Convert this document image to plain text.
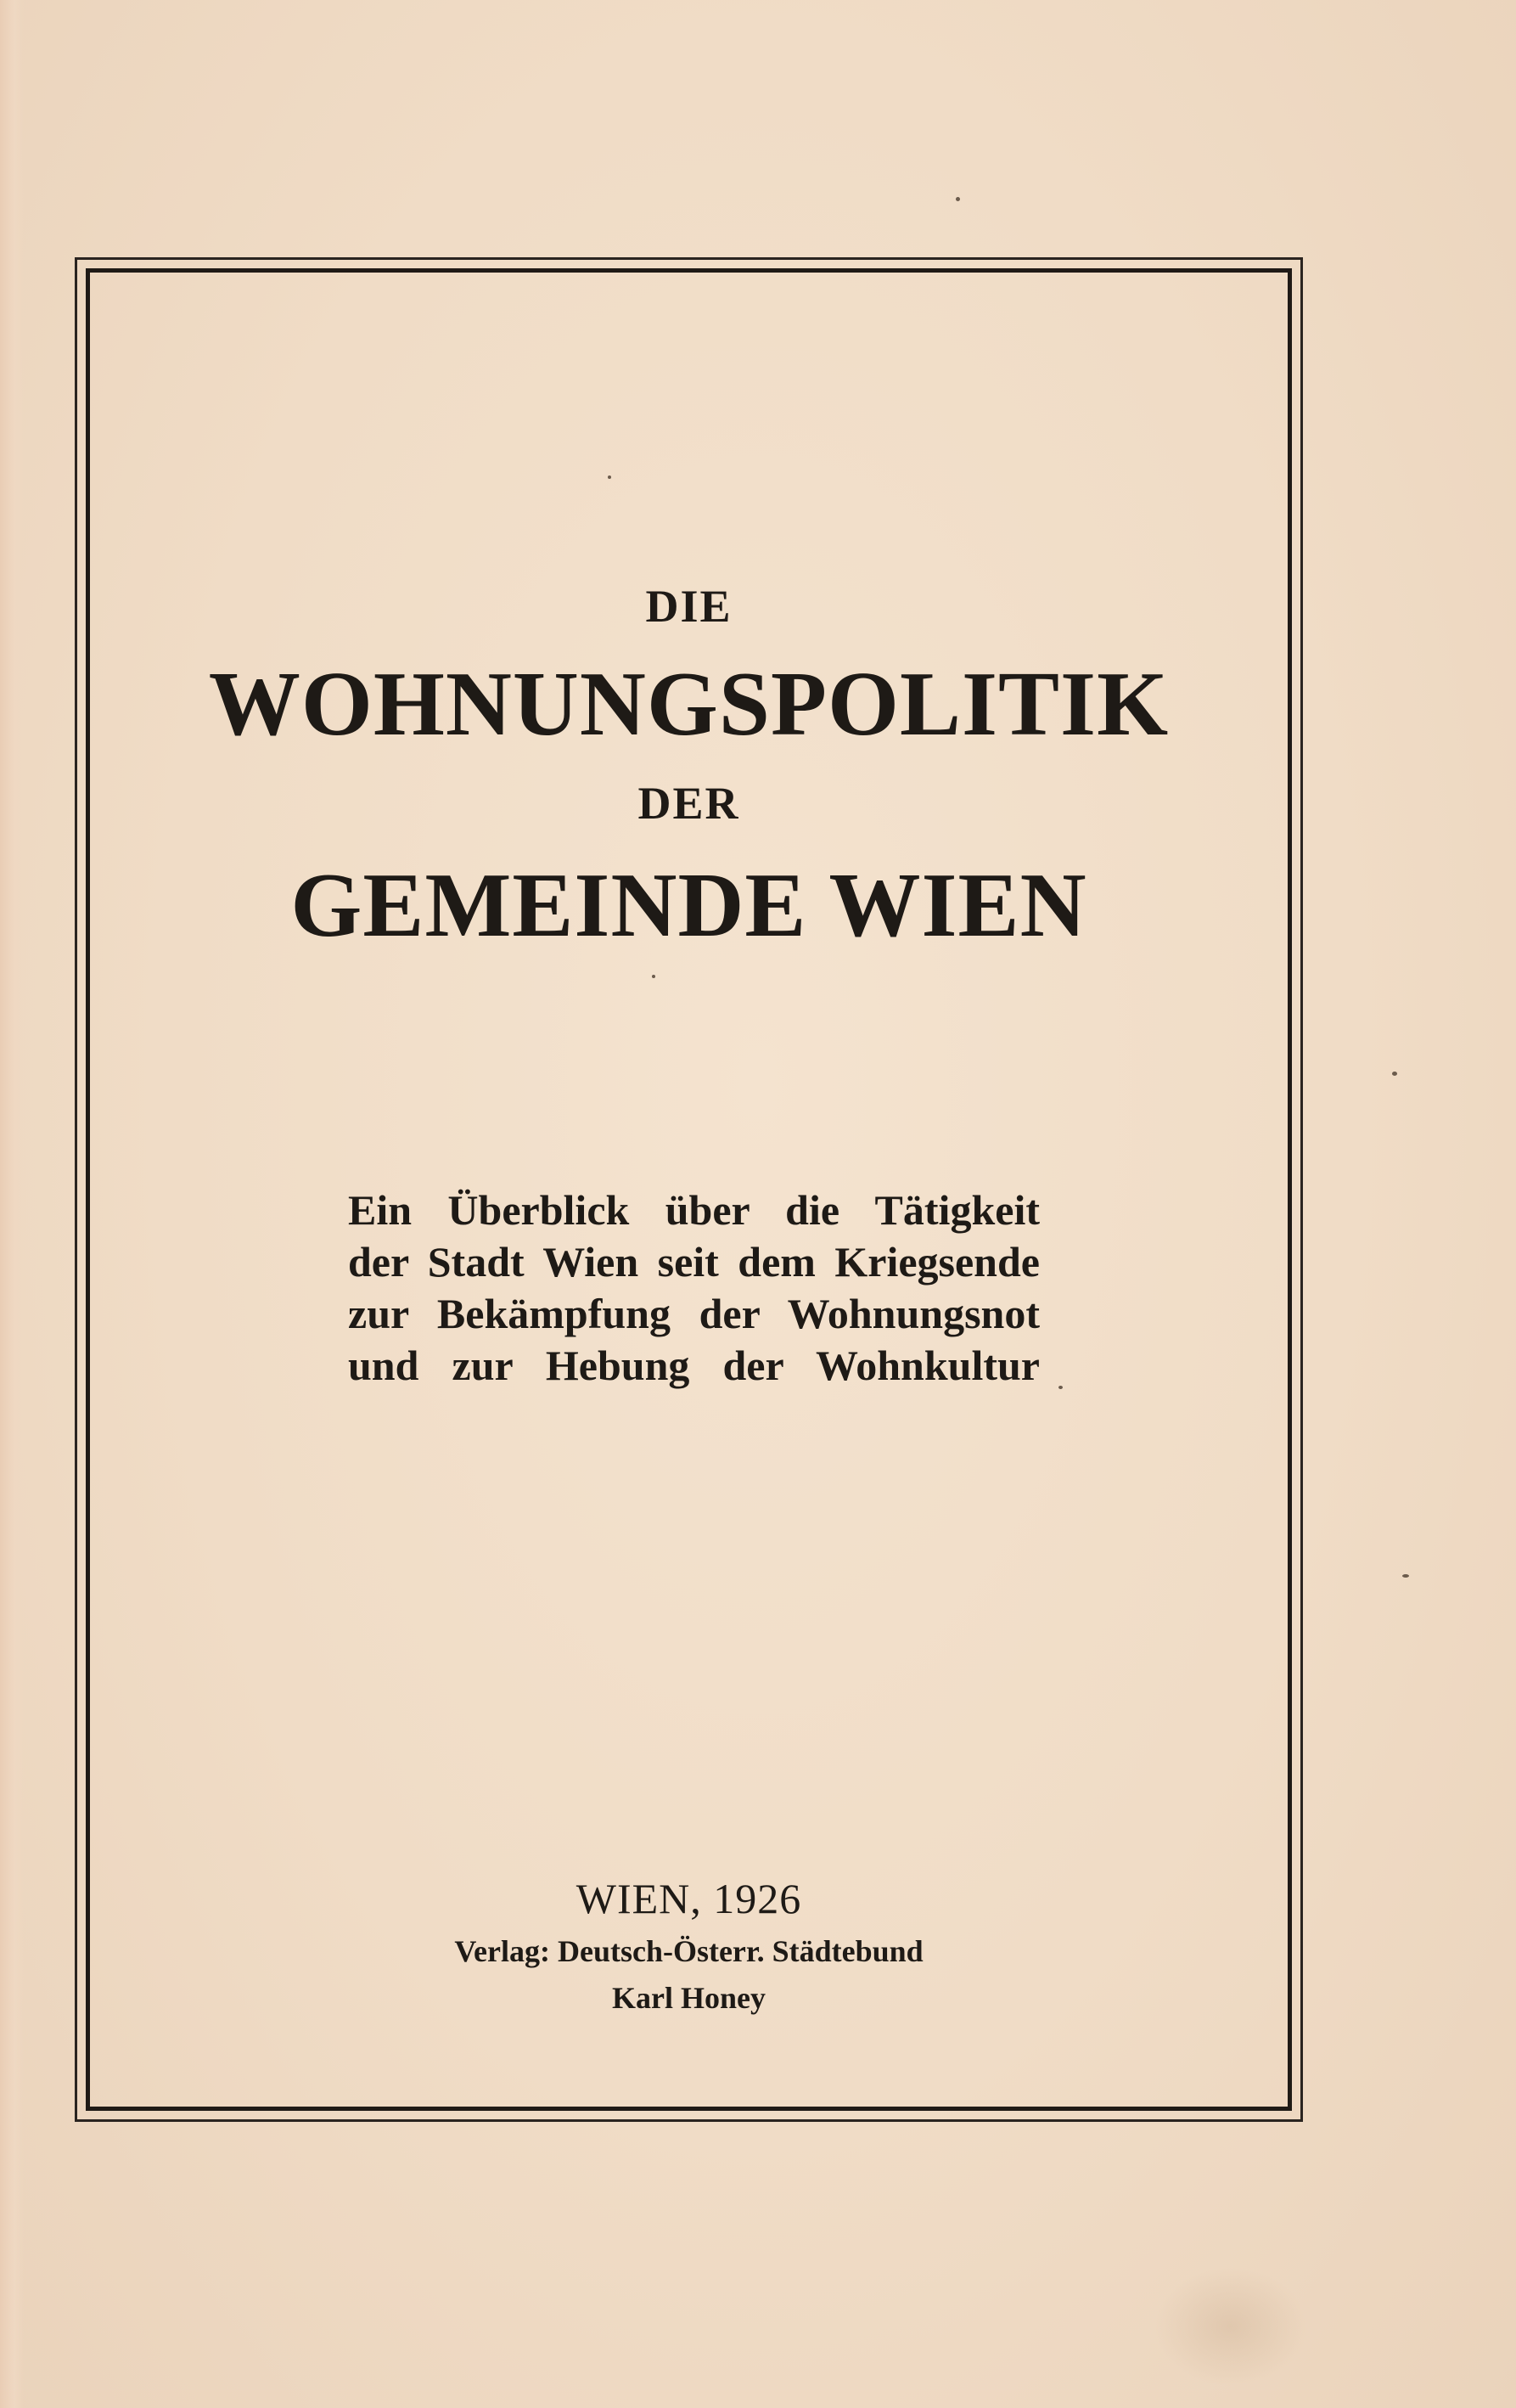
DIE
WOHNUNGSPOLITIK
DER
GEMEINDE WIEN
Ein Überblick über die Tätigkeit
der Stadt Wien seit dem Kriegsende
zur Bekämpfung der Wohnungsnot
und zur Hebung der Wohnkultur
WIEN, 1926
Verlag: Deutsch-Österr. Städtebund
Karl Honey
